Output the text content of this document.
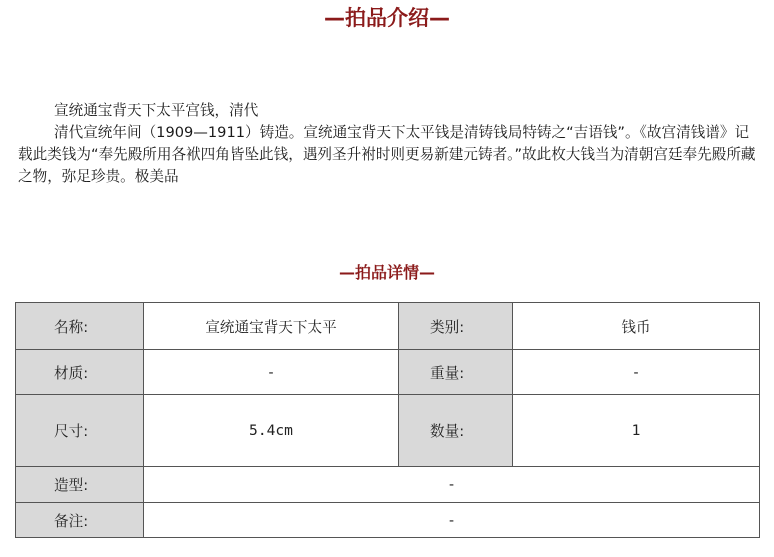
—拍品介绍—

宣统通宝背天下太平宫钱，清代

清代宣统年间（1909—1911）铸造。宣统通宝背天下太平钱是清铸钱局特铸之“吉语钱”。《故宫清钱谱》记载此类钱为“奉先殿所用各袱四角皆坠此钱，遇列圣升袝时则更易新建元铸者。”故此枚大钱当为清朝宫廷奉先殿所藏之物，弥足珍贵。极美品

—拍品详情—
名称:	宣统通宝背天下太平	类别:	钱币
材质:	-	重量:	-
尺寸:	5.4cm	数量:	1
造型:	-		
备注:	-		
